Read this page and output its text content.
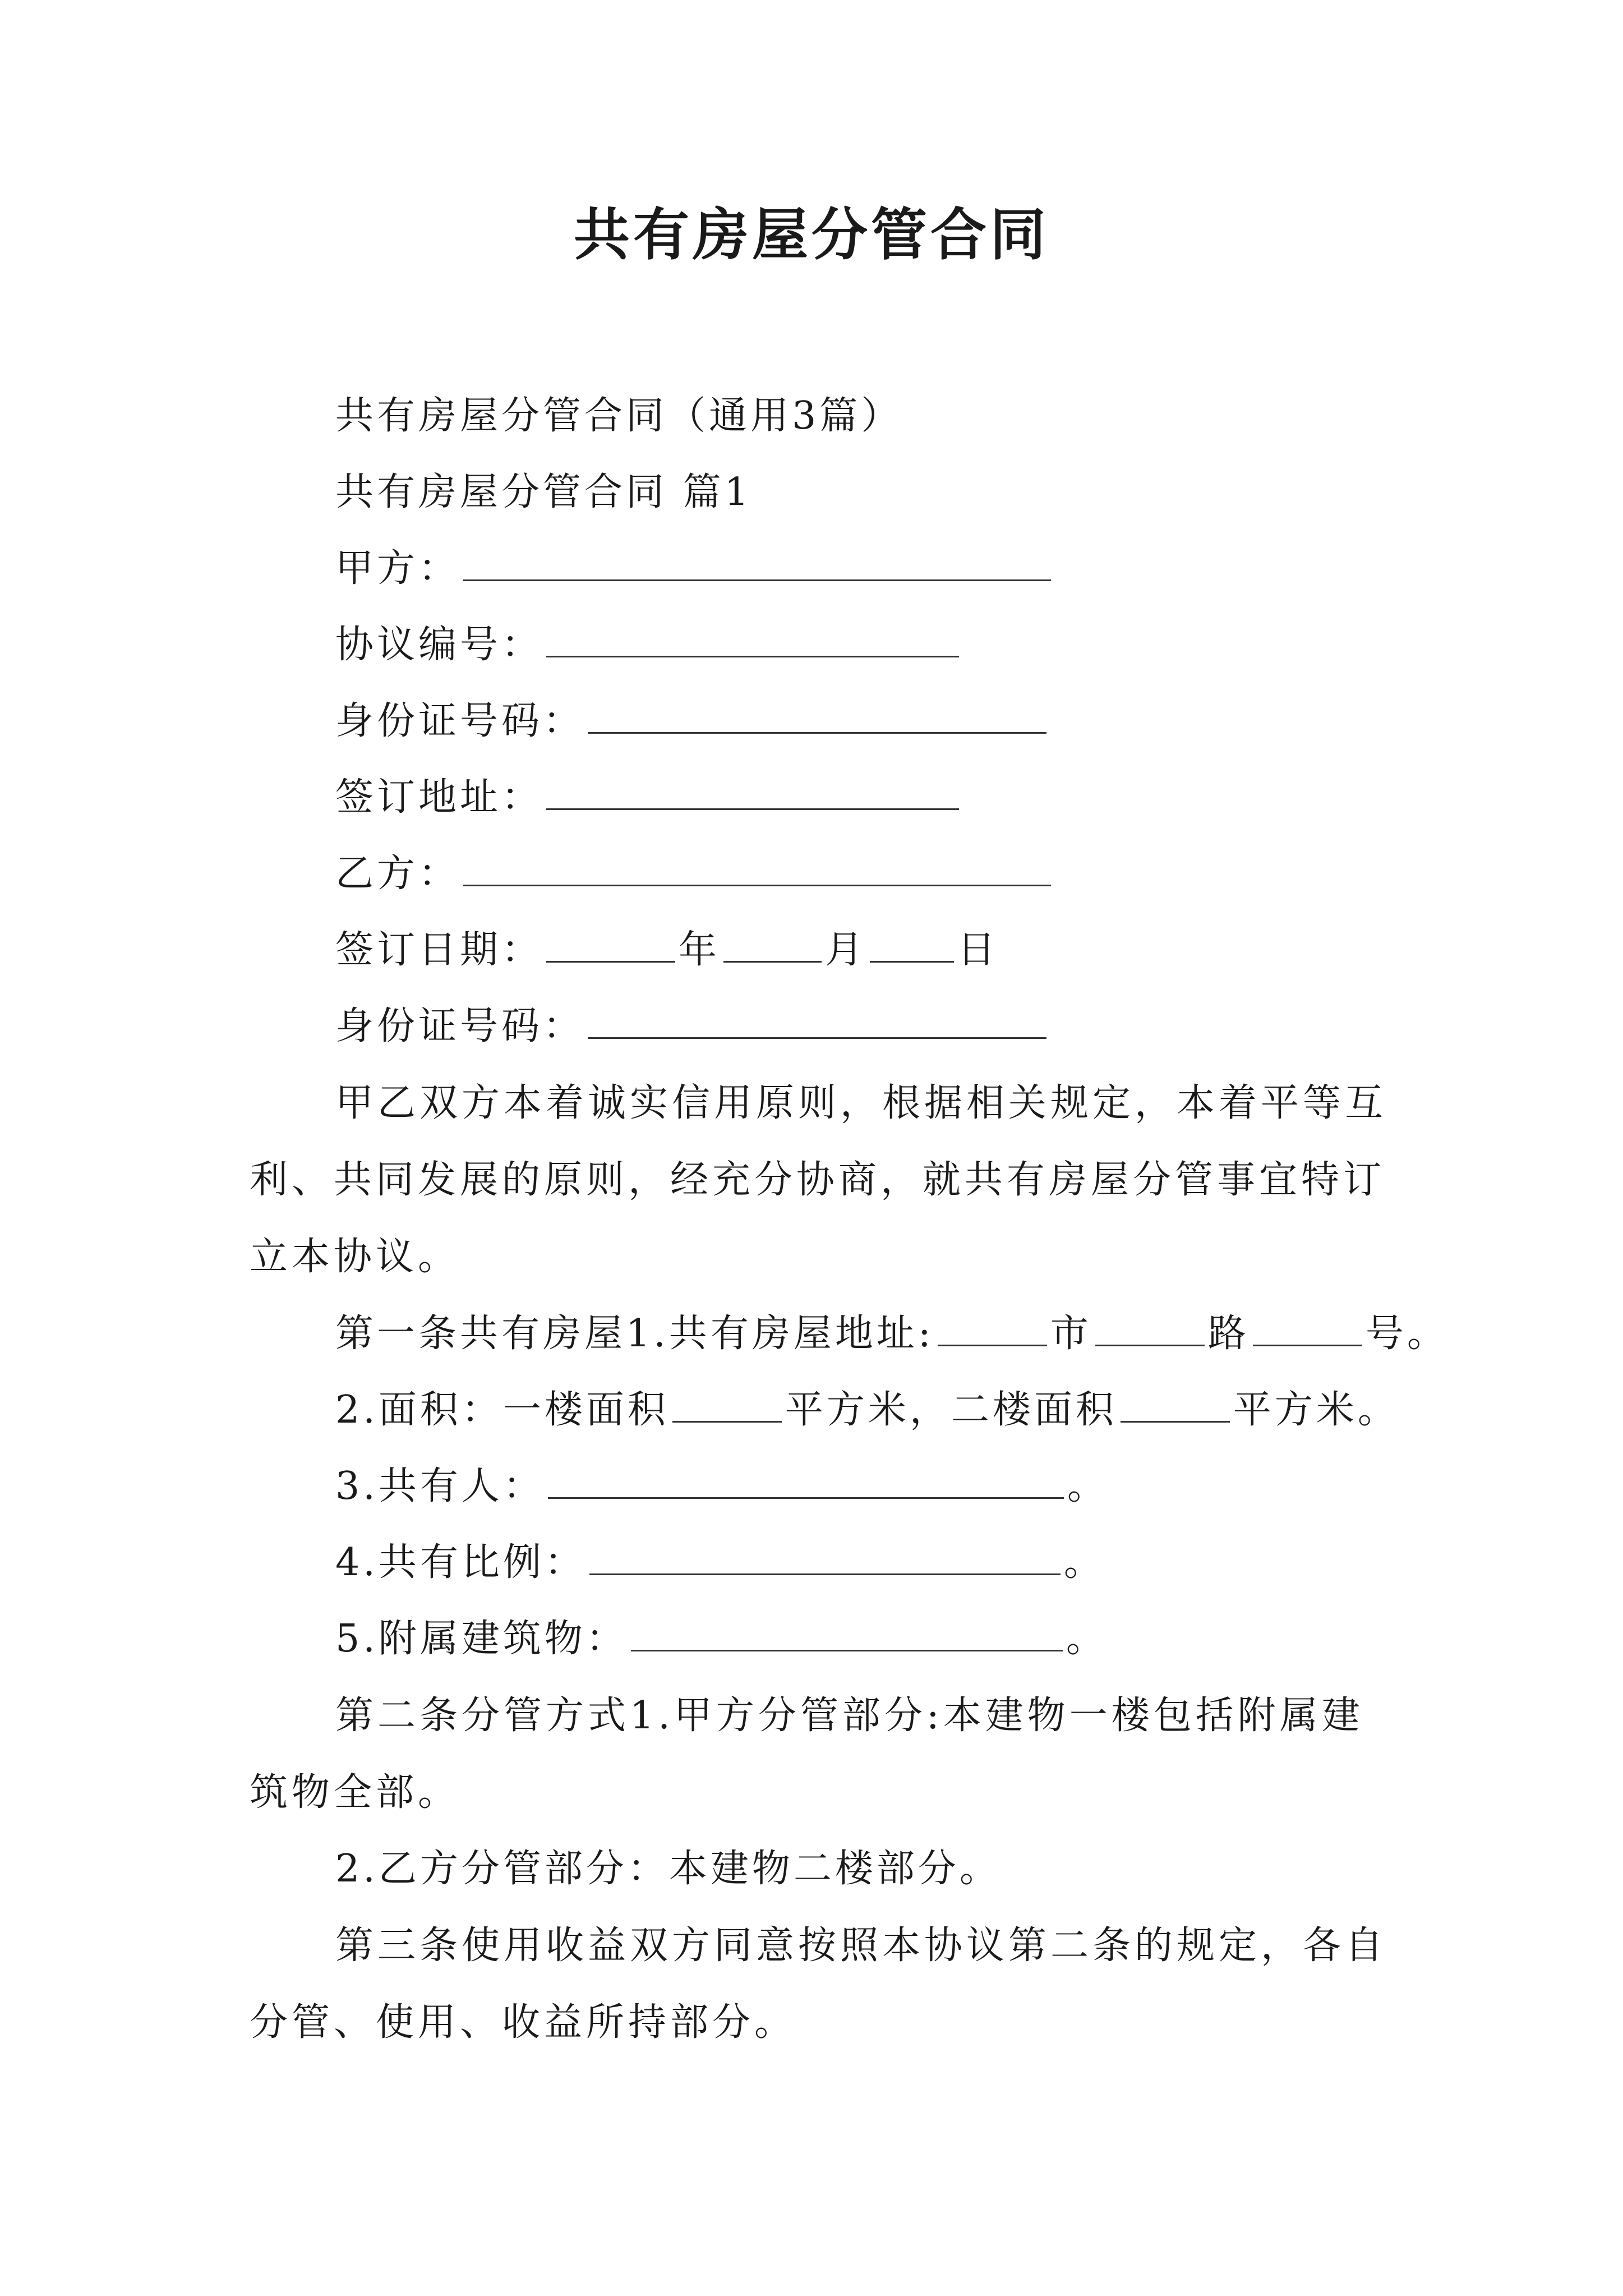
共有房屋分管合同

共有房屋分管合同（通用3篇）

共有房屋分管合同 篇1

甲方：

协议编号：

身份证号码：

签订地址：

乙方：

签订日期：	年	月 日

身份证号码：

甲乙双方本着诚实信用原则，根据相关规定，本着平等互利、共同发展的原则，经充分协商，就共有房屋分管事宜特订立本协议。

第一条共有房屋1.共有房屋地址:	市	路	号。

2.面积：一楼面积	平方米，二楼面积	平方米。

3.共有人：	。

4.共有比例：	。

5.附属建筑物：	。

第二条分管方式1.甲方分管部分:本建物一楼包括附属建筑物全部。

2.乙方分管部分：本建物二楼部分。

第三条使用收益双方同意按照本协议第二条的规定，各自分管、使用、收益所持部分。
